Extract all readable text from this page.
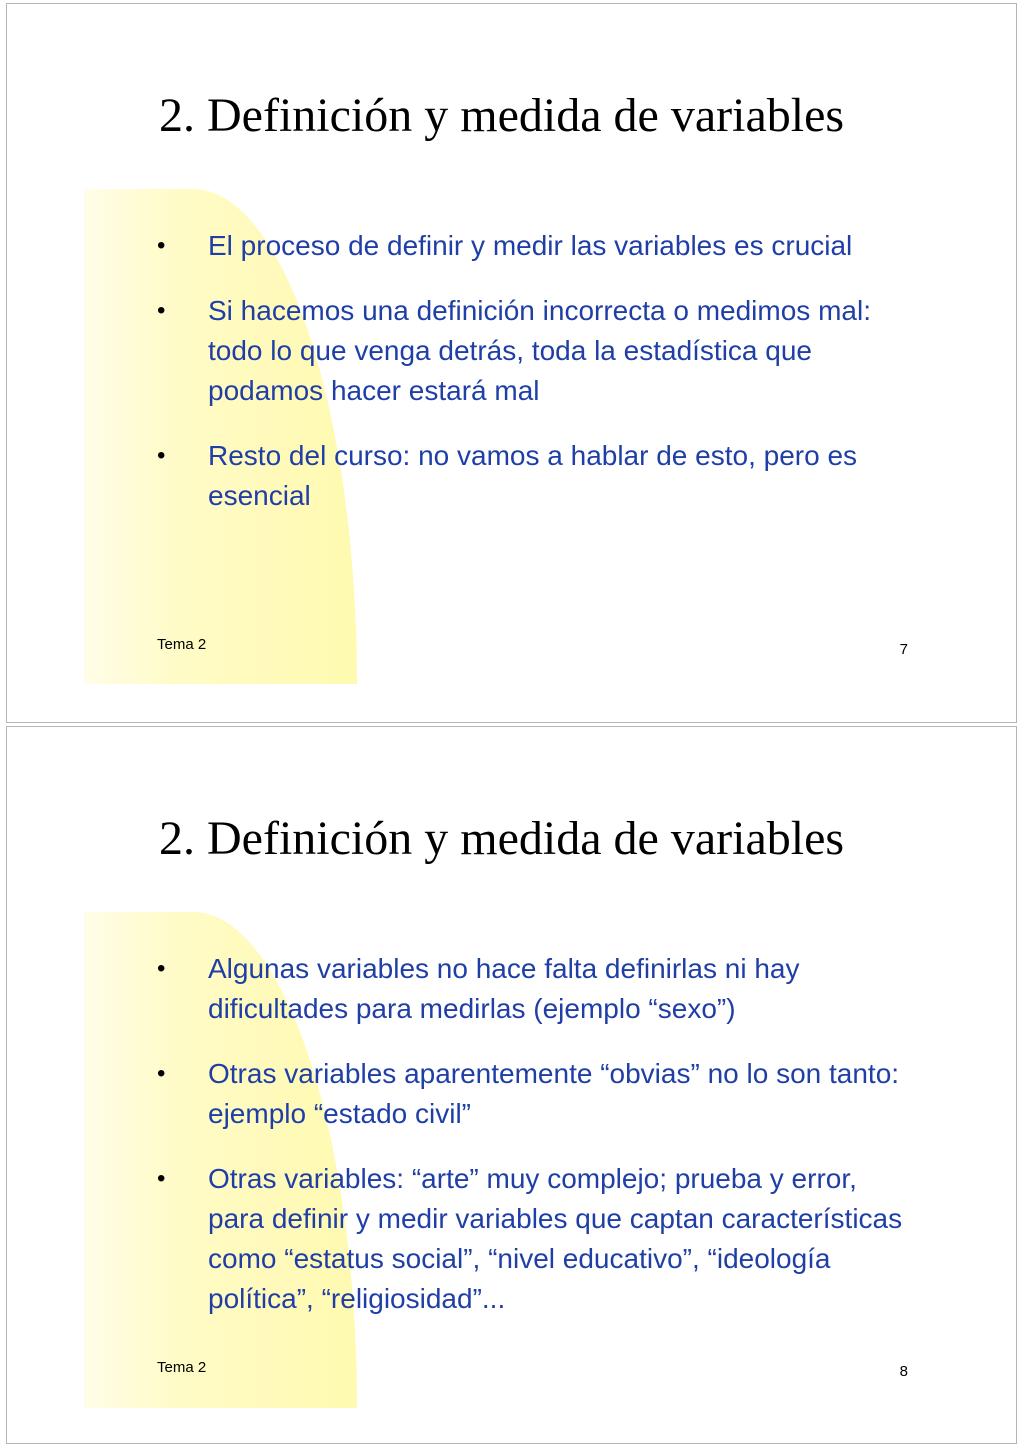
2. Definición y medida de variables
• El proceso de definir y medir las variables es crucial
• Si hacemos una definición incorrecta o medimos mal: todo lo que venga detrás, toda la estadística que podamos hacer estará mal
• Resto del curso: no vamos a hablar de esto, pero es esencial
Tema 2	7
2. Definición y medida de variables
• Algunas variables no hace falta definirlas ni hay dificultades para medirlas (ejemplo “sexo”)
• Otras variables aparentemente “obvias” no lo son tanto: ejemplo “estado civil”
• Otras variables: “arte” muy complejo; prueba y error, para definir y medir variables que captan características como “estatus social”, “nivel educativo”, “ideología política”, “religiosidad”...
Tema 2	8
